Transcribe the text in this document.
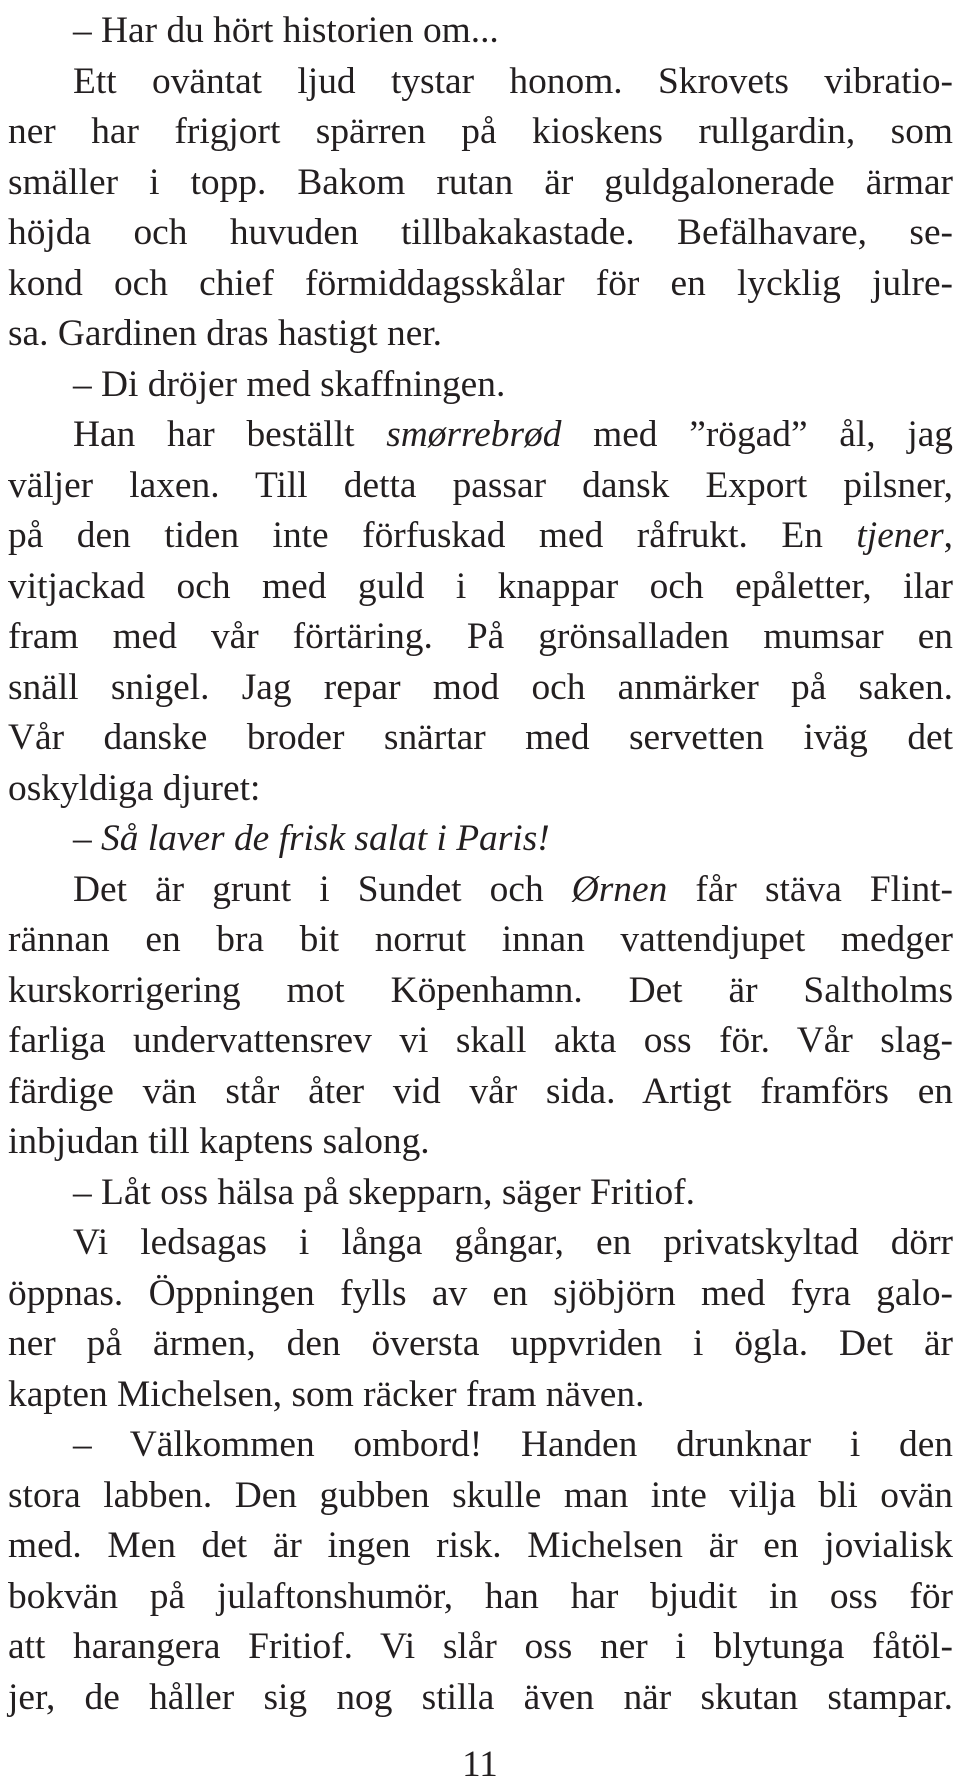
– Har du hört historien om...
Ett oväntat ljud tystar honom. Skrovets vibratio-
ner har frigjort spärren på kioskens rullgardin, som
smäller i topp. Bakom rutan är guldgalonerade ärmar
höjda och huvuden tillbakakastade. Befälhavare, se-
kond och chief förmiddagsskålar för en lycklig julre-
sa. Gardinen dras hastigt ner.
– Di dröjer med skaffningen.
Han har beställt smørrebrød med ”rögad” ål, jag
väljer laxen. Till detta passar dansk Export pilsner,
på den tiden inte förfuskad med råfrukt. En tjener,
vitjackad och med guld i knappar och epåletter, ilar
fram med vår förtäring. På grönsalladen mumsar en
snäll snigel. Jag repar mod och anmärker på saken.
Vår danske broder snärtar med servetten iväg det
oskyldiga djuret:
– Så laver de frisk salat i Paris!
Det är grunt i Sundet och Ørnen får stäva Flint-
rännan en bra bit norrut innan vattendjupet medger
kurskorrigering mot Köpenhamn. Det är Saltholms
farliga undervattensrev vi skall akta oss för. Vår slag-
färdige vän står åter vid vår sida. Artigt framförs en
inbjudan till kaptens salong.
– Låt oss hälsa på skepparn, säger Fritiof.
Vi ledsagas i långa gångar, en privatskyltad dörr
öppnas. Öppningen fylls av en sjöbjörn med fyra galo-
ner på ärmen, den översta uppvriden i ögla. Det är
kapten Michelsen, som räcker fram näven.
– Välkommen ombord! Handen drunknar i den
stora labben. Den gubben skulle man inte vilja bli ovän
med. Men det är ingen risk. Michelsen är en jovialisk
bokvän på julaftonshumör, han har bjudit in oss för
att harangera Fritiof. Vi slår oss ner i blytunga fåtöl-
jer, de håller sig nog stilla även när skutan stampar.
11
